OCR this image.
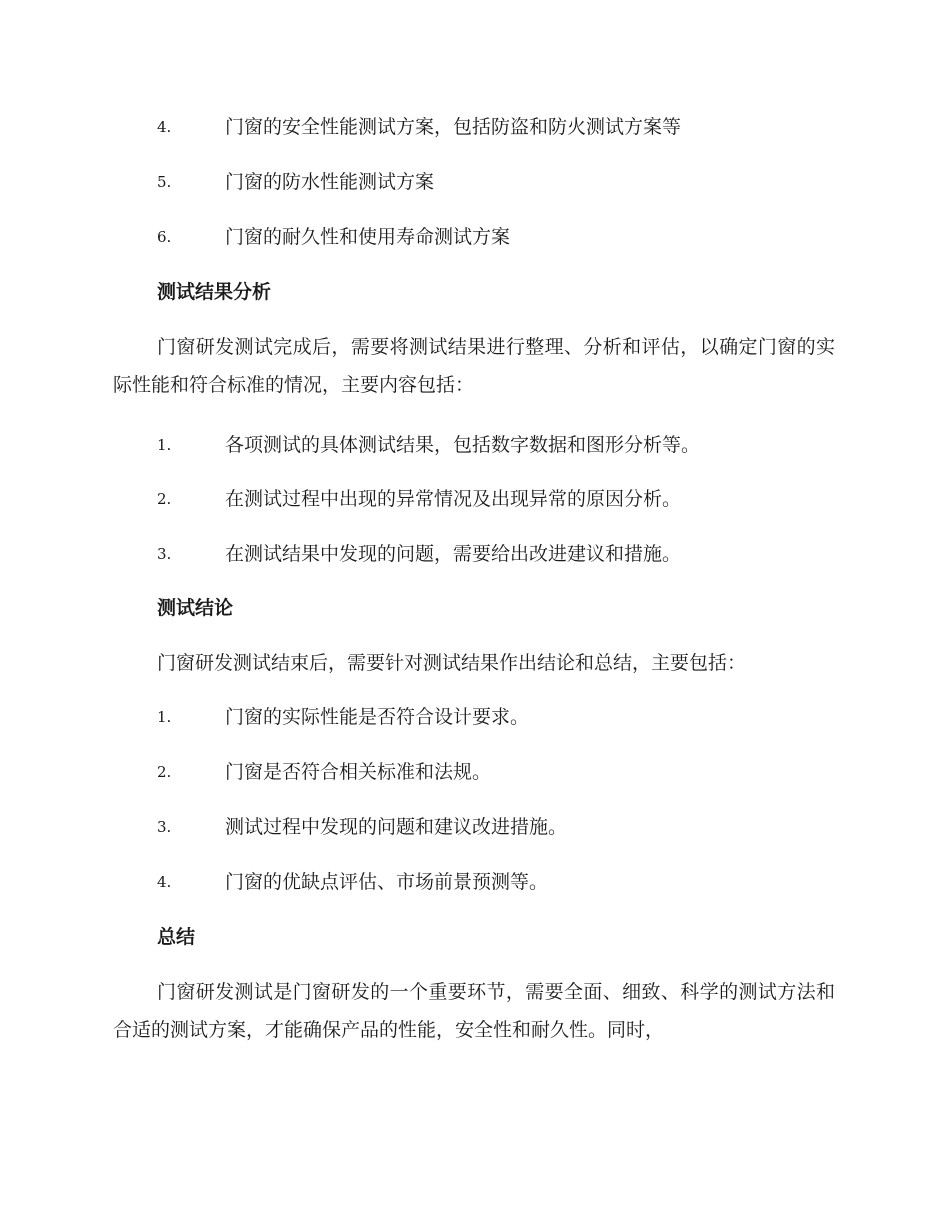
4.	门窗的安全性能测试方案，包括防盗和防火测试方案等
5.	门窗的防水性能测试方案
6.	门窗的耐久性和使用寿命测试方案
测试结果分析

门窗研发测试完成后，需要将测试结果进行整理、分析和评估，以确定门窗的实际性能和符合标准的情况，主要内容包括：

1.	各项测试的具体测试结果，包括数字数据和图形分析等。
2.	在测试过程中出现的异常情况及出现异常的原因分析。
3.	在测试结果中发现的问题，需要给出改进建议和措施。
测试结论

门窗研发测试结束后，需要针对测试结果作出结论和总结，主要包括：

1.	门窗的实际性能是否符合设计要求。
2.	门窗是否符合相关标准和法规。
3.	测试过程中发现的问题和建议改进措施。
4.	门窗的优缺点评估、市场前景预测等。
总结

门窗研发测试是门窗研发的一个重要环节，需要全面、细致、科学的测试方法和合适的测试方案，才能确保产品的性能，安全性和耐久性。同时，
